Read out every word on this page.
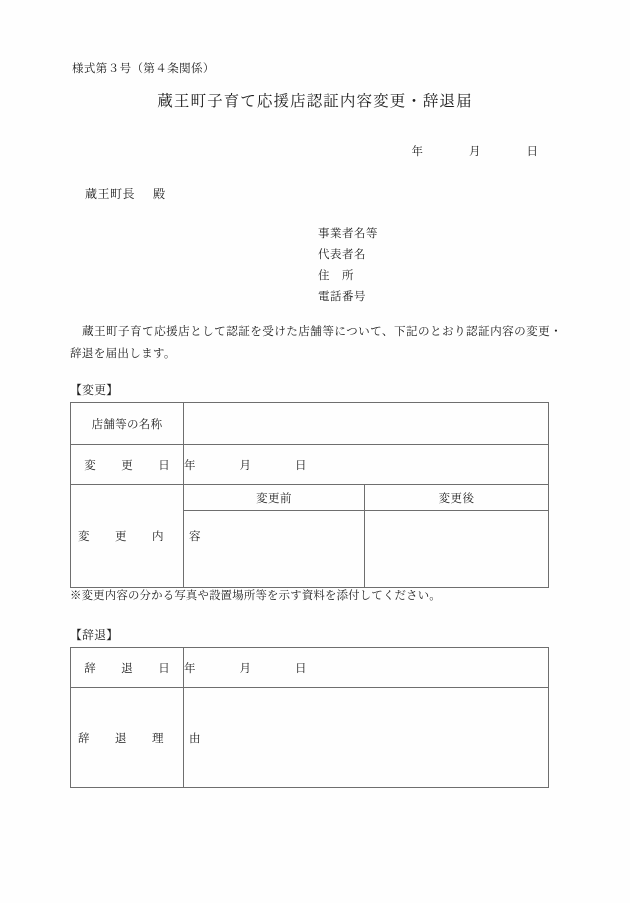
様式第３号（第４条関係）
蔵王町子育て応援店認証内容変更・辞退届
年	月	日
蔵王町長 殿
事業者名等
代表者名
住　所
電話番号
蔵王町子育て応援店として認証を受けた店舗等について、下記のとおり認証内容の変更・辞退を届出します。
【変更】
店舗等の名称		
変　更　日	年 月 日	
変　更　内　容	変更前	変更後

※変更内容の分かる写真や設置場所等を示す資料を添付してください。
【辞退】
辞　退　日	年 月 日
辞　退　理　由	
